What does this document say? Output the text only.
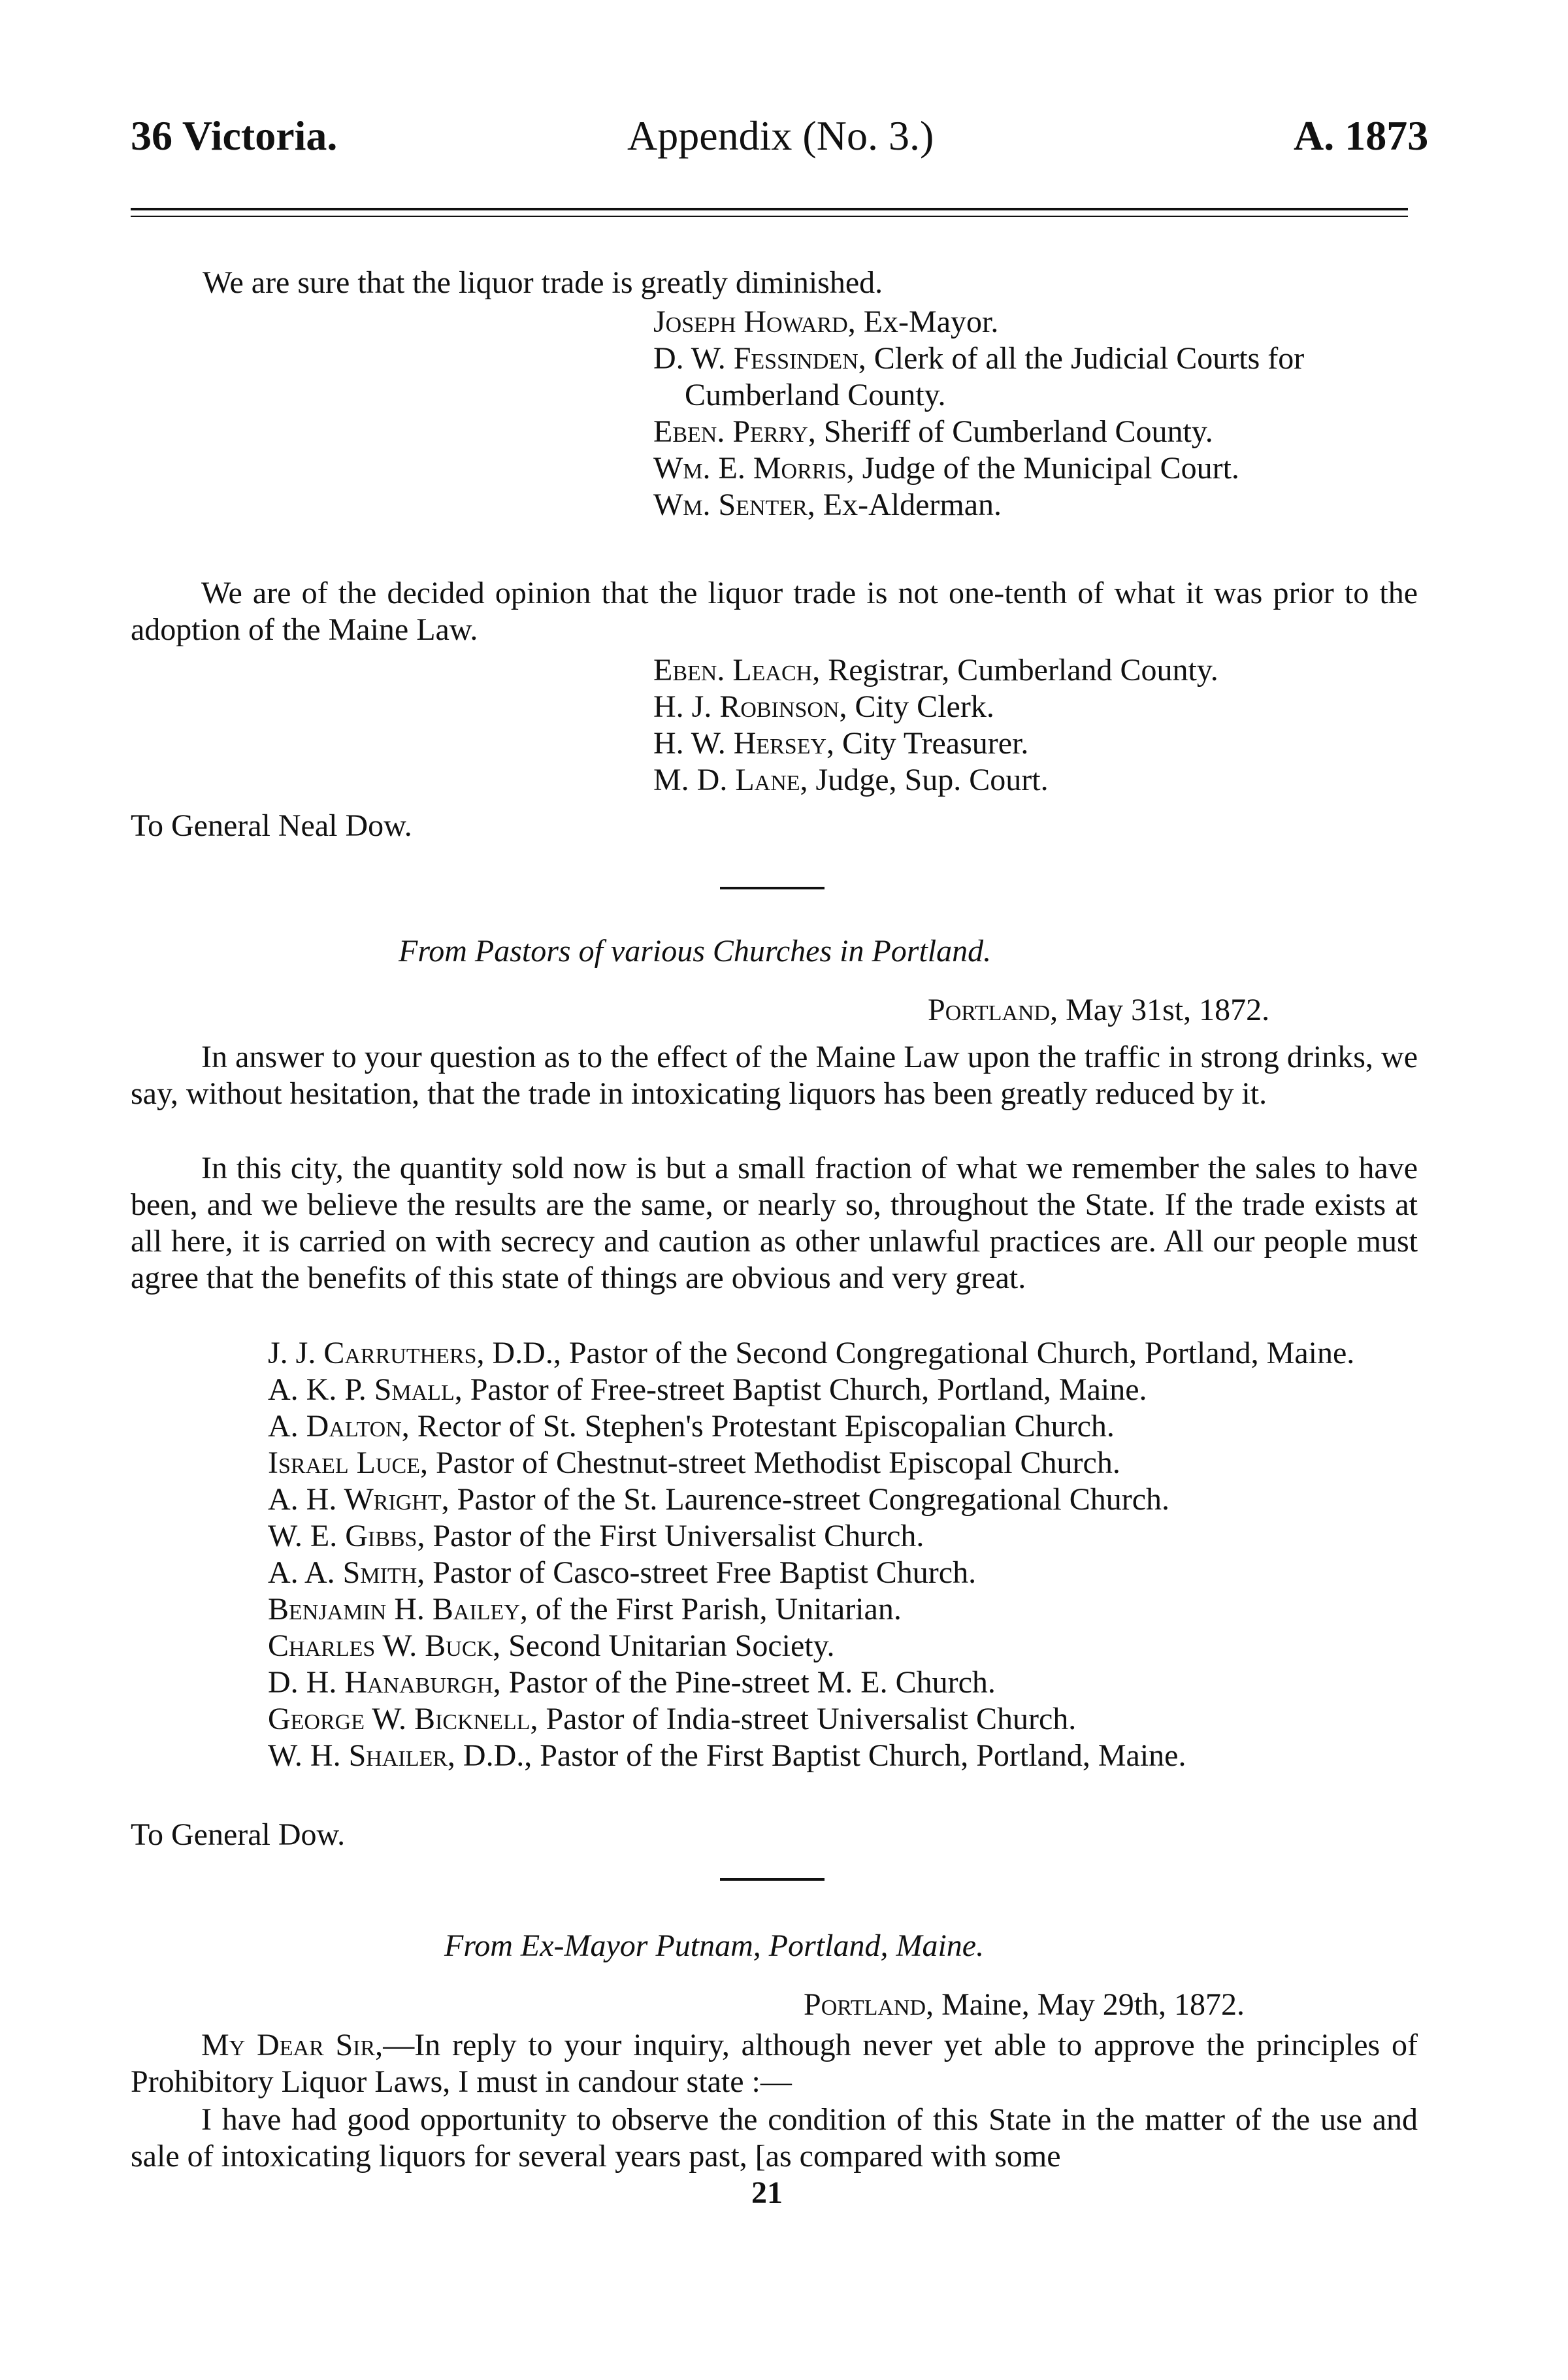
36 Victoria.	Appendix (No. 3.)	A. 1873
We are sure that the liquor trade is greatly diminished.
Joseph Howard, Ex-Mayor.
D. W. Fessinden, Clerk of all the Judicial Courts for Cumberland County.
Eben. Perry, Sheriff of Cumberland County.
Wm. E. Morris, Judge of the Municipal Court.
Wm. Senter, Ex-Alderman.
We are of the decided opinion that the liquor trade is not one-tenth of what it was prior to the adoption of the Maine Law.
Eben. Leach, Registrar, Cumberland County.
H. J. Robinson, City Clerk.
H. W. Hersey, City Treasurer.
M. D. Lane, Judge, Sup. Court.
To General Neal Dow.
From Pastors of various Churches in Portland.
Portland, May 31st, 1872.
In answer to your question as to the effect of the Maine Law upon the traffic in strong drinks, we say, without hesitation, that the trade in intoxicating liquors has been greatly reduced by it.
In this city, the quantity sold now is but a small fraction of what we remember the sales to have been, and we believe the results are the same, or nearly so, throughout the State. If the trade exists at all here, it is carried on with secrecy and caution as other unlawful practices are. All our people must agree that the benefits of this state of things are obvious and very great.
J. J. Carruthers, D.D., Pastor of the Second Congregational Church, Portland, Maine.
A. K. P. Small, Pastor of Free-street Baptist Church, Portland, Maine.
A. Dalton, Rector of St. Stephen's Protestant Episcopalian Church.
Israel Luce, Pastor of Chestnut-street Methodist Episcopal Church.
A. H. Wright, Pastor of the St. Laurence-street Congregational Church.
W. E. Gibbs, Pastor of the First Universalist Church.
A. A. Smith, Pastor of Casco-street Free Baptist Church.
Benjamin H. Bailey, of the First Parish, Unitarian.
Charles W. Buck, Second Unitarian Society.
D. H. Hanaburgh, Pastor of the Pine-street M. E. Church.
George W. Bicknell, Pastor of India-street Universalist Church.
W. H. Shailer, D.D., Pastor of the First Baptist Church, Portland, Maine.
To General Dow.
From Ex-Mayor Putnam, Portland, Maine.
Portland, Maine, May 29th, 1872.
My Dear Sir,—In reply to your inquiry, although never yet able to approve the principles of Prohibitory Liquor Laws, I must in candour state :—
I have had good opportunity to observe the condition of this State in the matter of the use and sale of intoxicating liquors for several years past, [as compared with some
21
